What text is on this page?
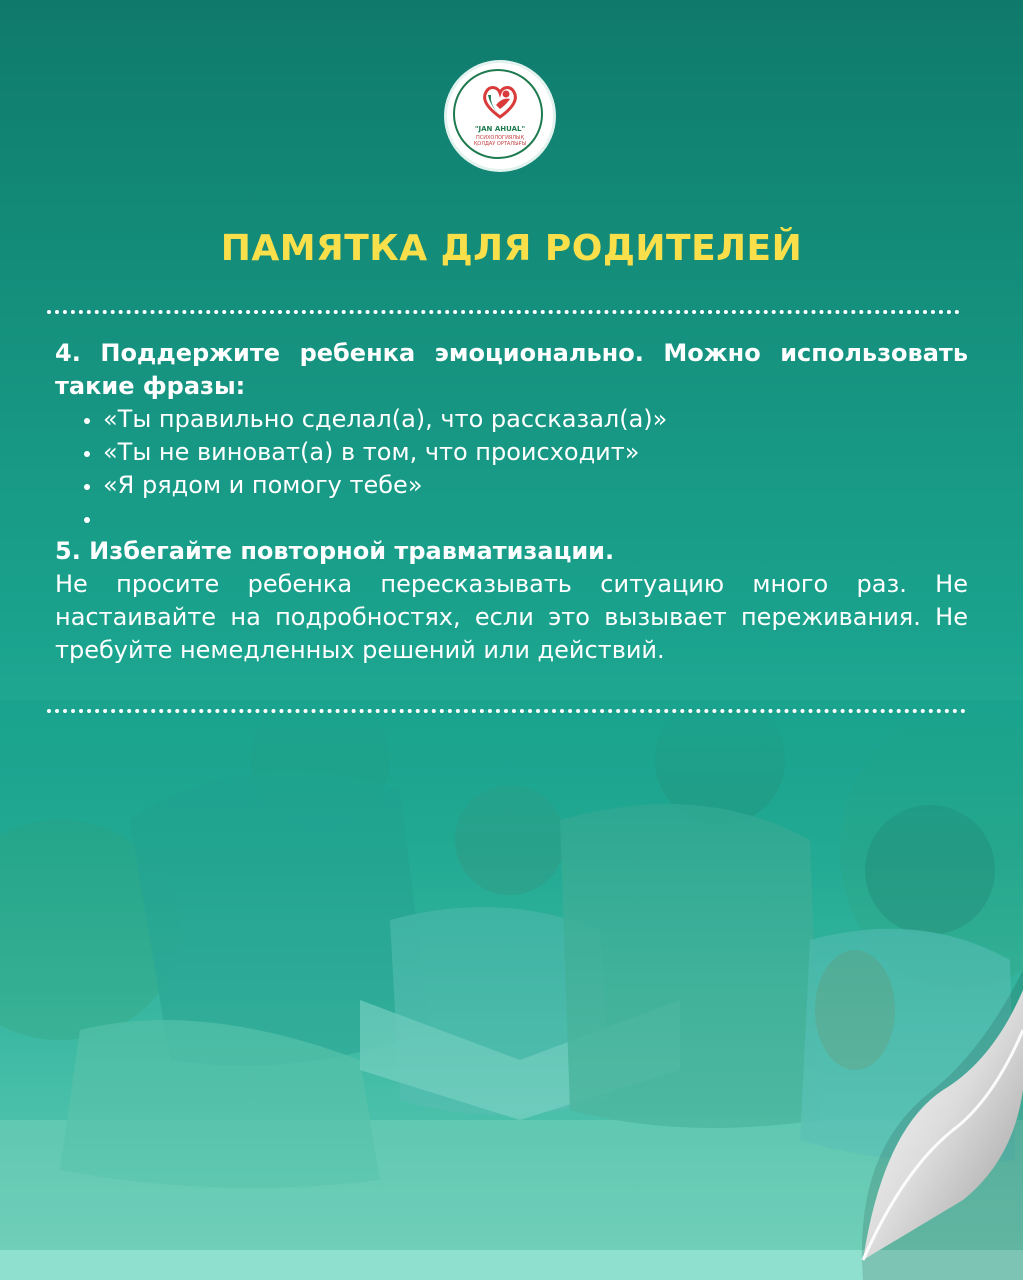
"JAN AHUAL"
ПСИХОЛОГИЯЛЫҚ
ҚОЛДАУ ОРТАЛЫҒЫ
ПАМЯТКА ДЛЯ РОДИТЕЛЕЙ
4. Поддержите ребенка эмоционально. Можно использовать такие фразы:
• «Ты правильно сделал(а), что рассказал(а)»
• «Ты не виноват(а) в том, что происходит»
• «Я рядом и помогу тебе»
•
5. Избегайте повторной травматизации.
Не просите ребенка пересказывать ситуацию много раз. Не настаивайте на подробностях, если это вызывает переживания. Не требуйте немедленных решений или действий.
